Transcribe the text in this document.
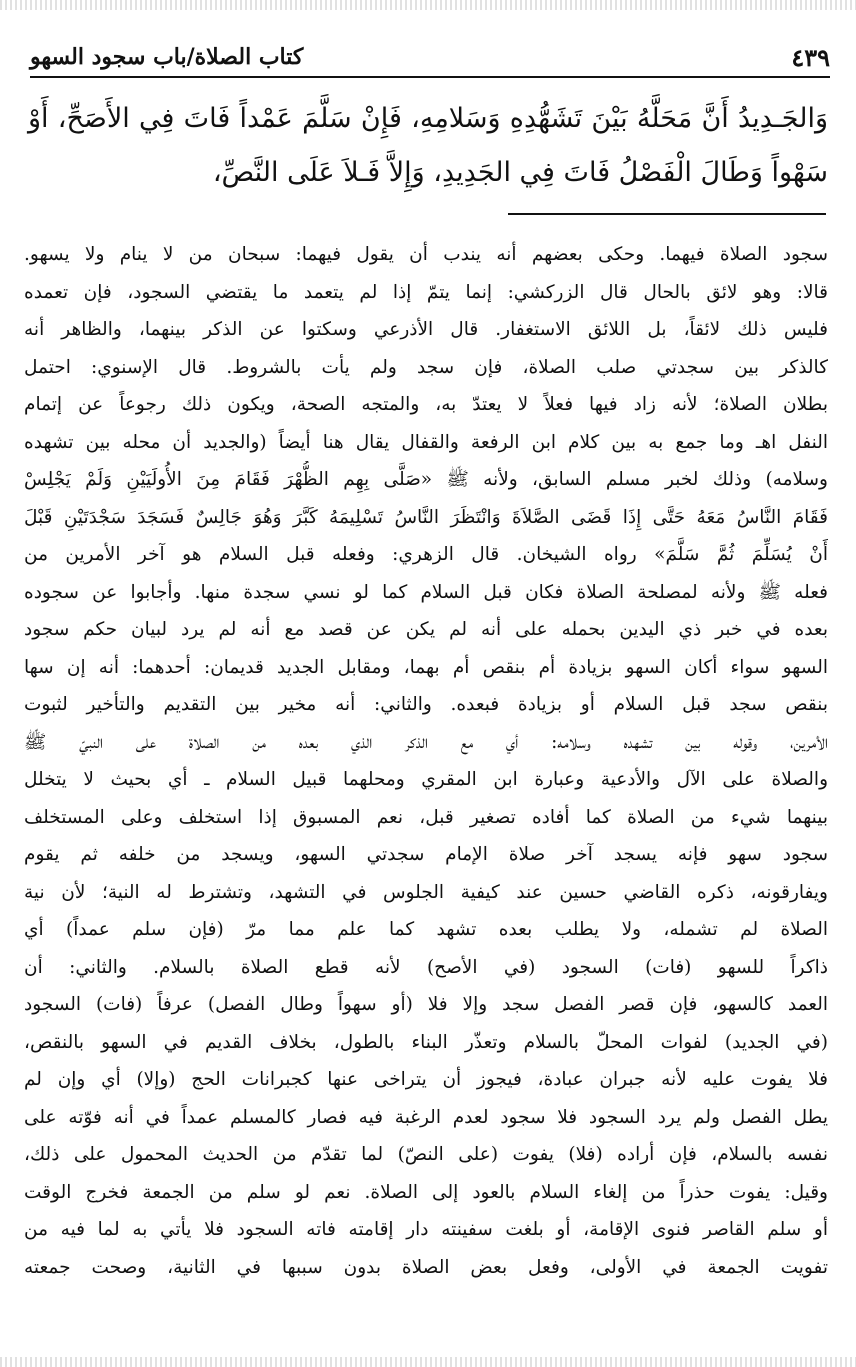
كتاب الصلاة/باب سجود السهو	٤٣٩

وَالجَـدِيدُ أَنَّ مَحَلَّهُ بَيْنَ تَشَهُّدِهِ وَسَلامِهِ، فَإِنْ سَلَّمَ عَمْداً فَاتَ فِي الأَصَحِّ، أَوْ سَهْواً وَطَالَ الْفَصْلُ فَاتَ فِي الجَدِيدِ، وَإِلاَّ فَـلاَ عَلَى النَّصِّ،

سجود الصلاة فيهما. وحكى بعضهم أنه يندب أن يقول فيهما: سبحان من لا ينام ولا يسهو.

قالا: وهو لائق بالحال قال الزركشي: إنما يتمّ إذا لم يتعمد ما يقتضي السجود، فإن تعمده

فليس ذلك لائقاً، بل اللائق الاستغفار. قال الأذرعي وسكتوا عن الذكر بينهما، والظاهر أنه

كالذكر بين سجدتي صلب الصلاة، فإن سجد ولم يأت بالشروط. قال الإسنوي: احتمل

بطلان الصلاة؛ لأنه زاد فيها فعلاً لا يعتدّ به، والمتجه الصحة، ويكون ذلك رجوعاً عن إتمام

النفل اهـ وما جمع به بين كلام ابن الرفعة والقفال يقال هنا أيضاً (والجديد أن محله بين تشهده

وسلامه) وذلك لخبر مسلم السابق، ولأنه ﷺ «صَلَّى بِهِم الظُّهْرَ فَقَامَ مِنَ الأُولَيَيْنِ وَلَمْ يَجْلِسْ

فَقَامَ النَّاسُ مَعَهُ حَتَّى إِذَا قَضَى الصَّلاَةَ وَانْتَظَرَ النَّاسُ تَسْلِيمَهُ كَبَّرَ وَهُوَ جَالِسٌ فَسَجَدَ سَجْدَتَيْنِ قَبْلَ

أَنْ يُسَلِّمَ ثُمَّ سَلَّمَ» رواه الشيخان. قال الزهري: وفعله قبل السلام هو آخر الأمرين من

فعله ﷺ ولأنه لمصلحة الصلاة فكان قبل السلام كما لو نسي سجدة منها. وأجابوا عن سجوده

بعده في خبر ذي اليدين بحمله على أنه لم يكن عن قصد مع أنه لم يرد لبيان حكم سجود

السهو سواء أكان السهو بزيادة أم بنقص أم بهما، ومقابل الجديد قديمان: أحدهما: أنه إن سها

بنقص سجد قبل السلام أو بزيادة فبعده. والثاني: أنه مخير بين التقديم والتأخير لثبوت

الأمرين، وقوله بين تشهده وسلامه: أي مع الذكر الذي بعده من الصلاة على النبيّ ﷺ

والصلاة على الآل والأدعية وعبارة ابن المقري ومحلهما قبيل السلام ـ أي بحيث لا يتخلل

بينهما شيء من الصلاة كما أفاده تصغير قبل، نعم المسبوق إذا استخلف وعلى المستخلف

سجود سهو فإنه يسجد آخر صلاة الإمام سجدتي السهو، ويسجد من خلفه ثم يقوم

ويفارقونه، ذكره القاضي حسين عند كيفية الجلوس في التشهد، وتشترط له النية؛ لأن نية

الصلاة لم تشمله، ولا يطلب بعده تشهد كما علم مما مرّ (فإن سلم عمداً) أي

ذاكراً للسهو (فات) السجود (في الأصح) لأنه قطع الصلاة بالسلام. والثاني: أن

العمد كالسهو، فإن قصر الفصل سجد وإلا فلا (أو سهواً وطال الفصل) عرفاً (فات) السجود

(في الجديد) لفوات المحلّ بالسلام وتعذّر البناء بالطول، بخلاف القديم في السهو بالنقص،

فلا يفوت عليه لأنه جبران عبادة، فيجوز أن يتراخى عنها كجبرانات الحج (وإلا) أي وإن لم

يطل الفصل ولم يرد السجود فلا سجود لعدم الرغبة فيه فصار كالمسلم عمداً في أنه فوّته على

نفسه بالسلام، فإن أراده (فلا) يفوت (على النصّ) لما تقدّم من الحديث المحمول على ذلك،

وقيل: يفوت حذراً من إلغاء السلام بالعود إلى الصلاة. نعم لو سلم من الجمعة فخرج الوقت

أو سلم القاصر فنوى الإقامة، أو بلغت سفينته دار إقامته فاته السجود فلا يأتي به لما فيه من

تفويت الجمعة في الأولى، وفعل بعض الصلاة بدون سببها في الثانية، وصحت جمعته
